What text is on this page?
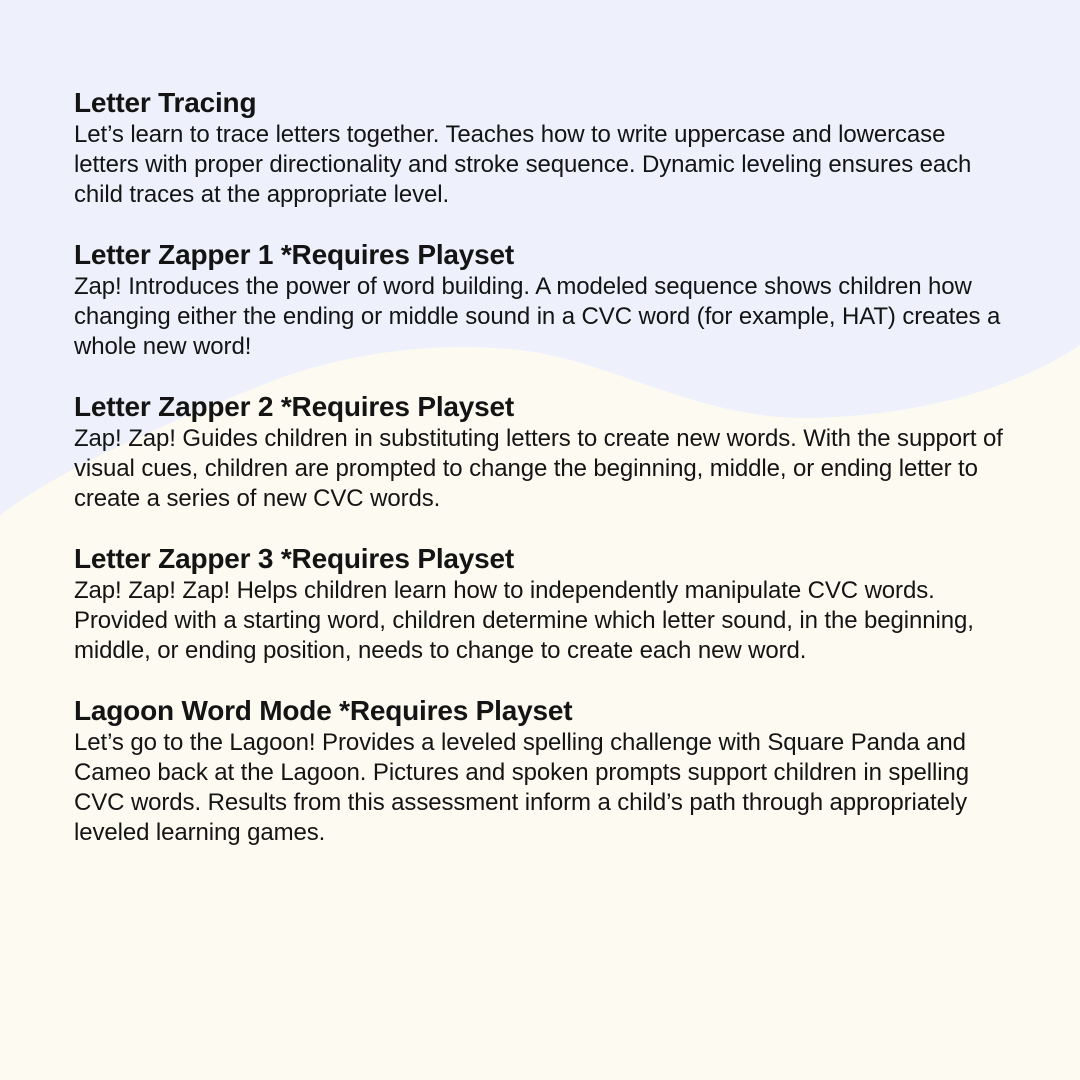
Letter Tracing

Let’s learn to trace letters together. Teaches how to write uppercase and lowercase letters with proper directionality and stroke sequence. Dynamic leveling ensures each child traces at the appropriate level.

Letter Zapper 1 *Requires Playset

Zap! Introduces the power of word building. A modeled sequence shows children how changing either the ending or middle sound in a CVC word (for example, HAT) creates a whole new word!

Letter Zapper 2 *Requires Playset

Zap! Zap! Guides children in substituting letters to create new words. With the support of visual cues, children are prompted to change the beginning, middle, or ending letter to create a series of new CVC words.

Letter Zapper 3 *Requires Playset

Zap! Zap! Zap! Helps children learn how to independently manipulate CVC words. Provided with a starting word, children determine which letter sound, in the beginning, middle, or ending position, needs to change to create each new word.

Lagoon Word Mode *Requires Playset

Let’s go to the Lagoon! Provides a leveled spelling challenge with Square Panda and Cameo back at the Lagoon. Pictures and spoken prompts support children in spelling CVC words. Results from this assessment inform a child’s path through appropriately leveled learning games.
